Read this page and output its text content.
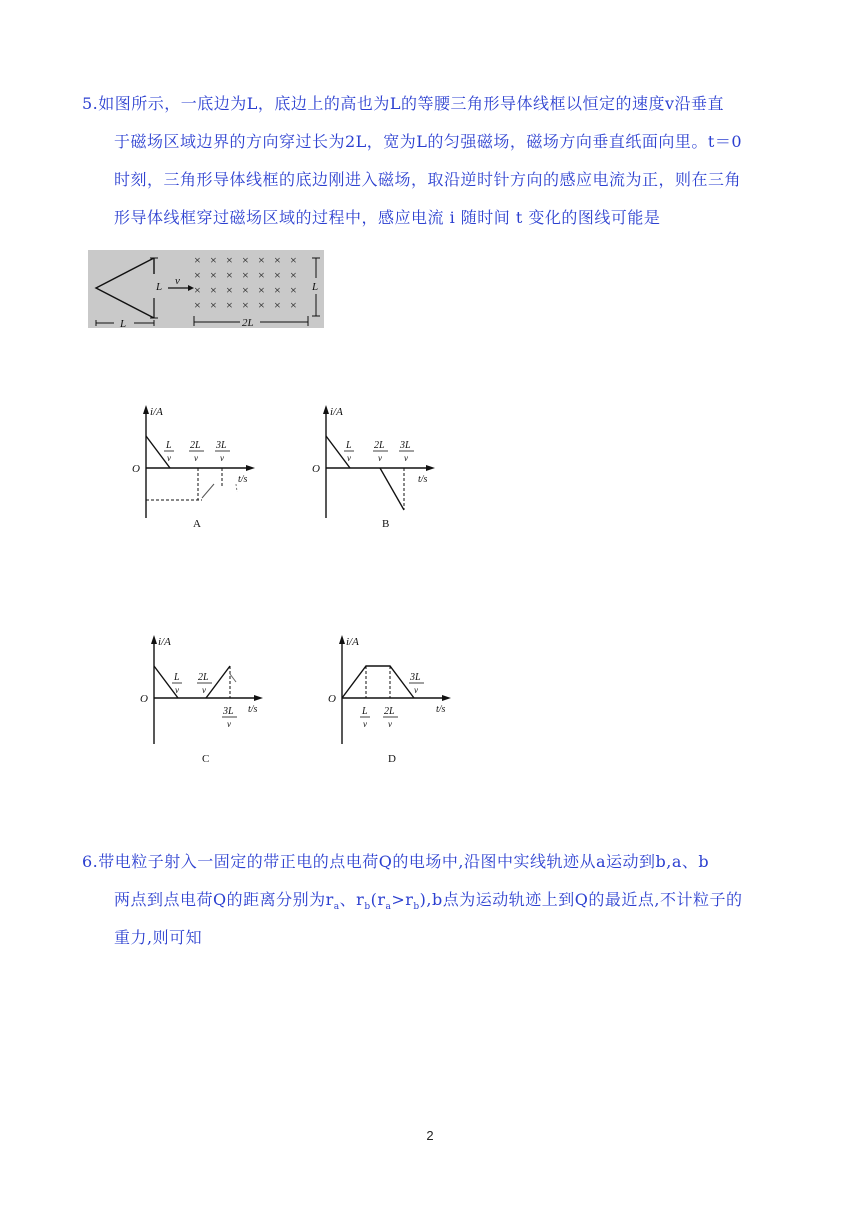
5.如图所示，一底边为L，底边上的高也为L的等腰三角形导体线框以恒定的速度v沿垂直
于磁场区域边界的方向穿过长为2L，宽为L的匀强磁场，磁场方向垂直纸面向里。t＝0
时刻，三角形导体线框的底边刚进入磁场，取沿逆时针方向的感应电流为正，则在三角
形导体线框穿过磁场区域的过程中，感应电流 i 随时间 t 变化的图线可能是
L
L
v
× × × × × × ×
× × × × × × ×
× × × × × × ×
× × × × × × ×
L
2L
i/A
O
t/s
L
v
2L
v
3L
v
A
i/A
O
t/s
L
v
2L
v
3L
v
B
i/A
O
t/s
L
v
2L
v
3L
v
C
i/A
O
t/s
L
v
2L
v
3L
v
D
6.带电粒子射入一固定的带正电的点电荷Q的电场中,沿图中实线轨迹从a运动到b,a、b
两点到点电荷Q的距离分别为$r_a$、$r_b(r_a>r_b),b$点为运动轨迹上到Q的最近点,不计粒子的
重力,则可知
2
